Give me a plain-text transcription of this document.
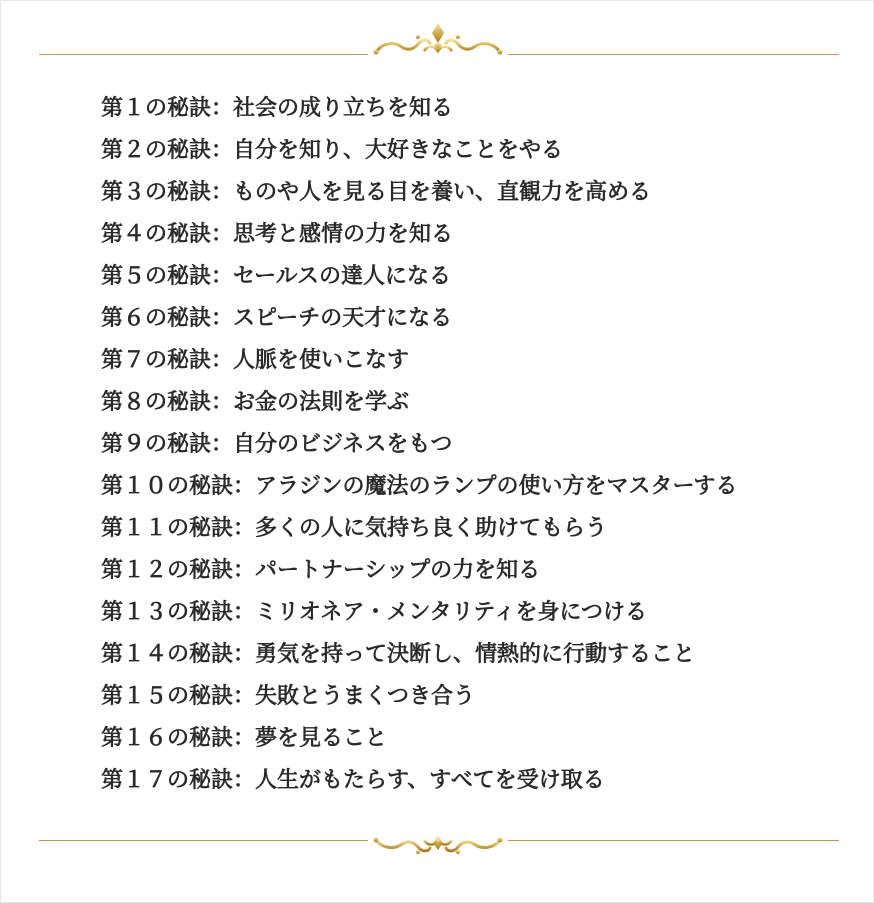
第１の秘訣：社会の成り立ちを知る
第２の秘訣：自分を知り、大好きなことをやる
第３の秘訣：ものや人を見る目を養い、直観力を高める
第４の秘訣：思考と感情の力を知る
第５の秘訣：セールスの達人になる
第６の秘訣：スピーチの天才になる
第７の秘訣：人脈を使いこなす
第８の秘訣：お金の法則を学ぶ
第９の秘訣：自分のビジネスをもつ
第１０の秘訣：アラジンの魔法のランプの使い方をマスターする
第１１の秘訣：多くの人に気持ち良く助けてもらう
第１２の秘訣：パートナーシップの力を知る
第１３の秘訣：ミリオネア・メンタリティを身につける
第１４の秘訣：勇気を持って決断し、情熱的に行動すること
第１５の秘訣：失敗とうまくつき合う
第１６の秘訣：夢を見ること
第１７の秘訣：人生がもたらす、すべてを受け取る
